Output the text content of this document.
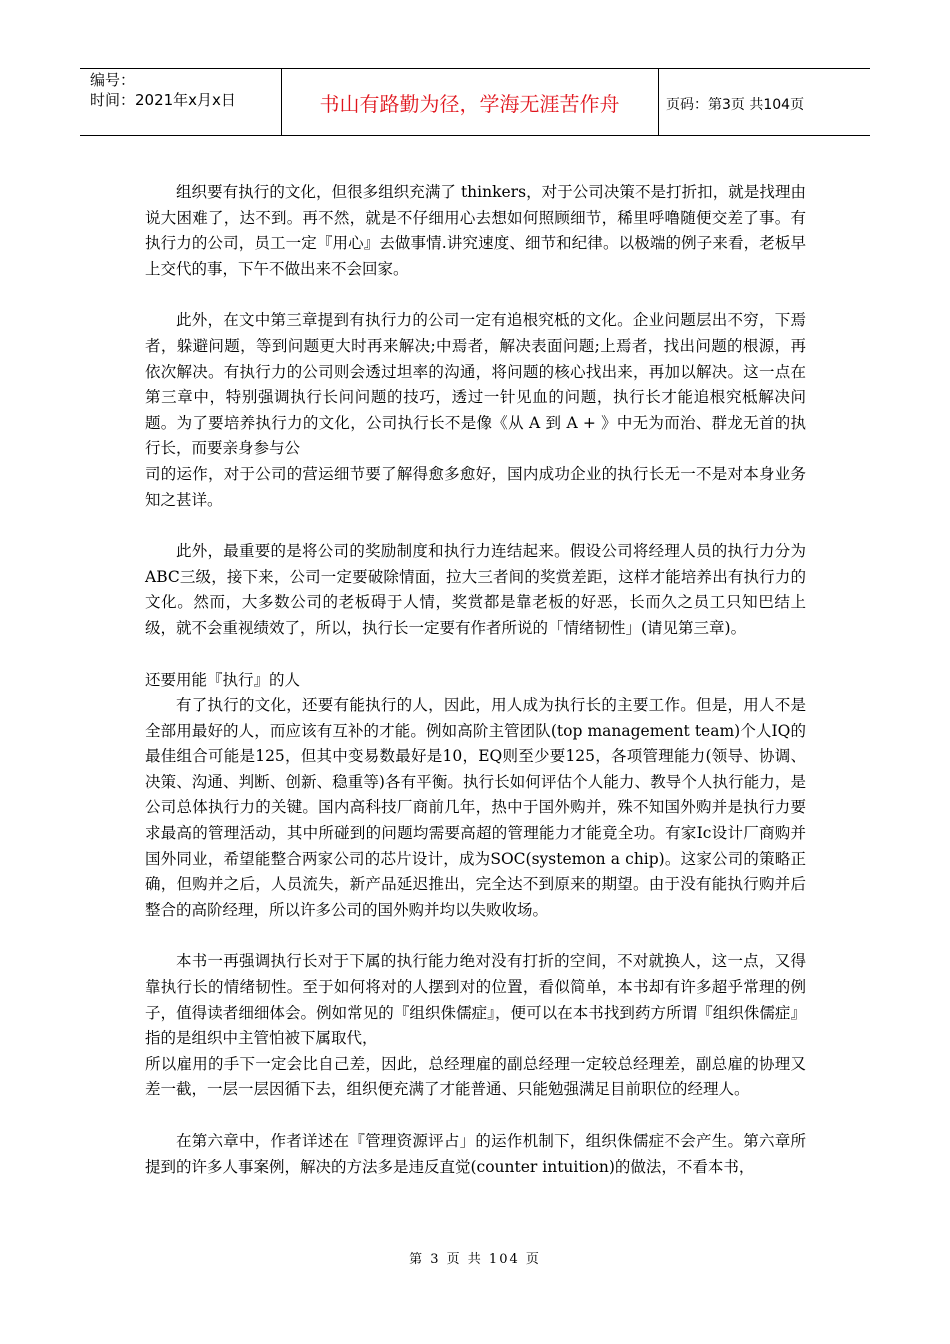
编号：
时间：2021年x月x日	书山有路勤为径，学海无涯苦作舟	页码：第3页 共104页

组织要有执行的文化，但很多组织充满了 thinkers，对于公司决策不是打折扣，就是找理由说大困难了，达不到。再不然，就是不仔细用心去想如何照顾细节，稀里呼噜随便交差了事。有执行力的公司，员工一定『用心』去做事情.讲究速度、细节和纪律。以极端的例子来看，老板早上交代的事，下午不做出来不会回家。

此外，在文中第三章提到有执行力的公司一定有追根究柢的文化。企业问题层出不穷，下焉者，躲避问题，等到问题更大时再来解决;中焉者，解决表面问题;上焉者，找出问题的根源，再依次解决。有执行力的公司则会透过坦率的沟通，将问题的核心找出来，再加以解决。这一点在第三章中，特别强调执行长问问题的技巧，透过一针见血的问题，执行长才能追根究柢解决问题。为了要培养执行力的文化，公司执行长不是像《从 A 到 A + 》中无为而治、群龙无首的执行长，而要亲身参与公

司的运作，对于公司的营运细节要了解得愈多愈好，国内成功企业的执行长无一不是对本身业务知之甚详。

此外，最重要的是将公司的奖励制度和执行力连结起来。假设公司将经理人员的执行力分为ABC三级，接下来，公司一定要破除情面，拉大三者间的奖赏差距，这样才能培养出有执行力的文化。然而，大多数公司的老板碍于人情，奖赏都是靠老板的好恶，长而久之员工只知巴结上级，就不会重视绩效了，所以，执行长一定要有作者所说的「情绪韧性」(请见第三章)。

还要用能『执行』的人

有了执行的文化，还要有能执行的人，因此，用人成为执行长的主要工作。但是，用人不是全部用最好的人，而应该有互补的才能。例如高阶主管团队(top management team)个人IQ的最佳组合可能是125，但其中变易数最好是10，EQ则至少要125，各项管理能力(领导、协调、决策、沟通、判断、创新、稳重等)各有平衡。执行长如何评估个人能力、教导个人执行能力，是公司总体执行力的关键。国内高科技厂商前几年，热中于国外购并，殊不知国外购并是执行力要求最高的管理活动，其中所碰到的问题均需要高超的管理能力才能竟全功。有家Ic设计厂商购并国外同业，希望能整合两家公司的芯片设计，成为SOC(systemon a chip)。这家公司的策略正确，但购并之后，人员流失，新产品延迟推出，完全达不到原来的期望。由于没有能执行购并后整合的高阶经理，所以许多公司的国外购并均以失败收场。

本书一再强调执行长对于下属的执行能力绝对没有打折的空间，不对就换人，这一点，又得靠执行长的情绪韧性。至于如何将对的人摆到对的位置，看似简单，本书却有许多超乎常理的例子，值得读者细细体会。例如常见的『组织侏儒症』，便可以在本书找到药方所谓『组织侏儒症』指的是组织中主管怕被下属取代，

所以雇用的手下一定会比自己差，因此，总经理雇的副总经理一定较总经理差，副总雇的协理又差一截，一层一层因循下去，组织便充满了才能普通、只能勉强满足目前职位的经理人。

在第六章中，作者详述在『管理资源评占」的运作机制下，组织侏儒症不会产生。第六章所提到的许多人事案例，解决的方法多是违反直觉(counter intuition)的做法，不看本书，

第 3 页 共 104 页
